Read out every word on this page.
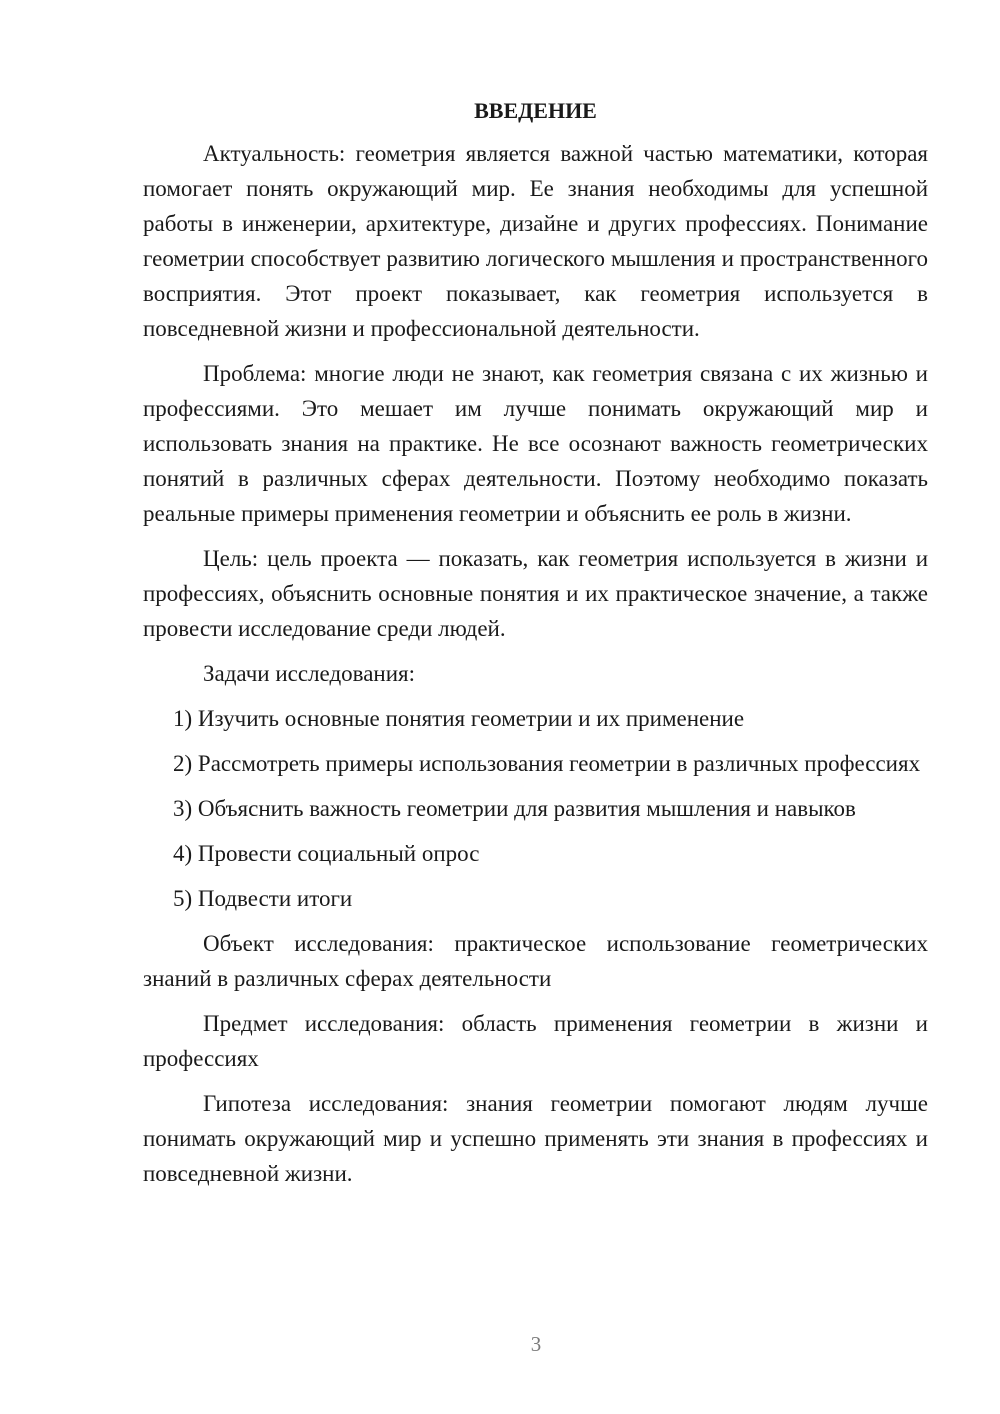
ВВЕДЕНИЕ

Актуальность: геометрия является важной частью математики, которая помогает понять окружающий мир. Ее знания необходимы для успешной работы в инженерии, архитектуре, дизайне и других профессиях. Понимание геометрии способствует развитию логического мышления и пространственного восприятия. Этот проект показывает, как геометрия используется в повседневной жизни и профессиональной деятельности.

Проблема: многие люди не знают, как геометрия связана с их жизнью и профессиями. Это мешает им лучше понимать окружающий мир и использовать знания на практике. Не все осознают важность геометрических понятий в различных сферах деятельности. Поэтому необходимо показать реальные примеры применения геометрии и объяснить ее роль в жизни.

Цель: цель проекта — показать, как геометрия используется в жизни и профессиях, объяснить основные понятия и их практическое значение, а также провести исследование среди людей.

Задачи исследования:

1) Изучить основные понятия геометрии и их применение

2) Рассмотреть примеры использования геометрии в различных профессиях

3) Объяснить важность геометрии для развития мышления и навыков

4) Провести социальный опрос

5) Подвести итоги

Объект исследования: практическое использование геометрических знаний в различных сферах деятельности

Предмет исследования: область применения геометрии в жизни и профессиях

Гипотеза исследования: знания геометрии помогают людям лучше понимать окружающий мир и успешно применять эти знания в профессиях и повседневной жизни.

3
